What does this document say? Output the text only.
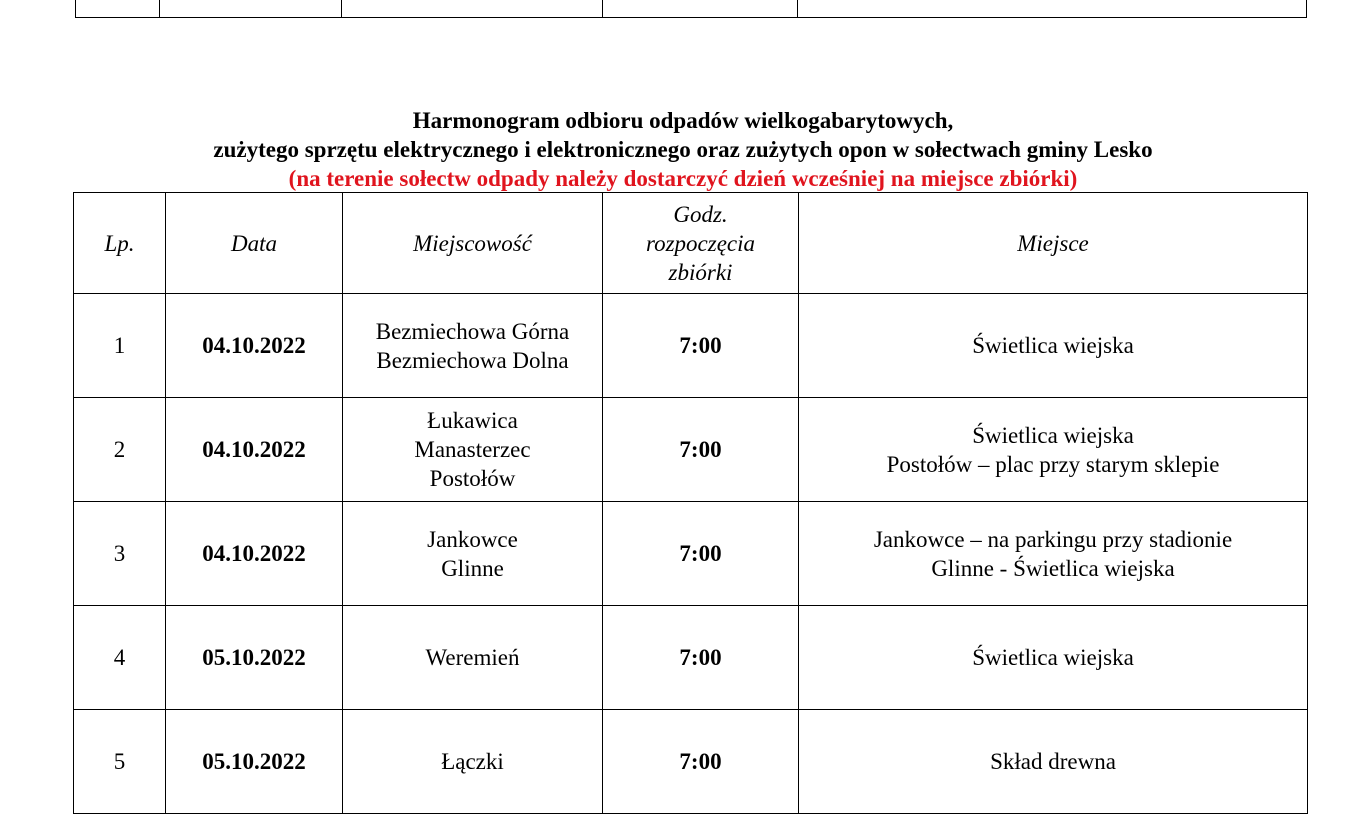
Harmonogram odbioru odpadów wielkogabarytowych,
zużytego sprzętu elektrycznego i elektronicznego oraz zużytych opon w sołectwach gminy Lesko
(na terenie sołectw odpady należy dostarczyć dzień wcześniej na miejsce zbiórki)
Lp.	Data	Miejscowość	Godz.
rozpoczęcia
zbiórki	Miejsce
1	04.10.2022	Bezmiechowa Górna
Bezmiechowa Dolna	7:00	Świetlica wiejska

2	04.10.2022	Łukawica
Manasterzec
Postołów	7:00	Świetlica wiejska
Postołów – plac przy starym sklepie

3	04.10.2022	Jankowce
Glinne	7:00	Jankowce – na parkingu przy stadionie
Glinne - Świetlica wiejska

4	05.10.2022	Weremień	7:00	Świetlica wiejska

5	05.10.2022	Łączki	7:00	Skład drewna
